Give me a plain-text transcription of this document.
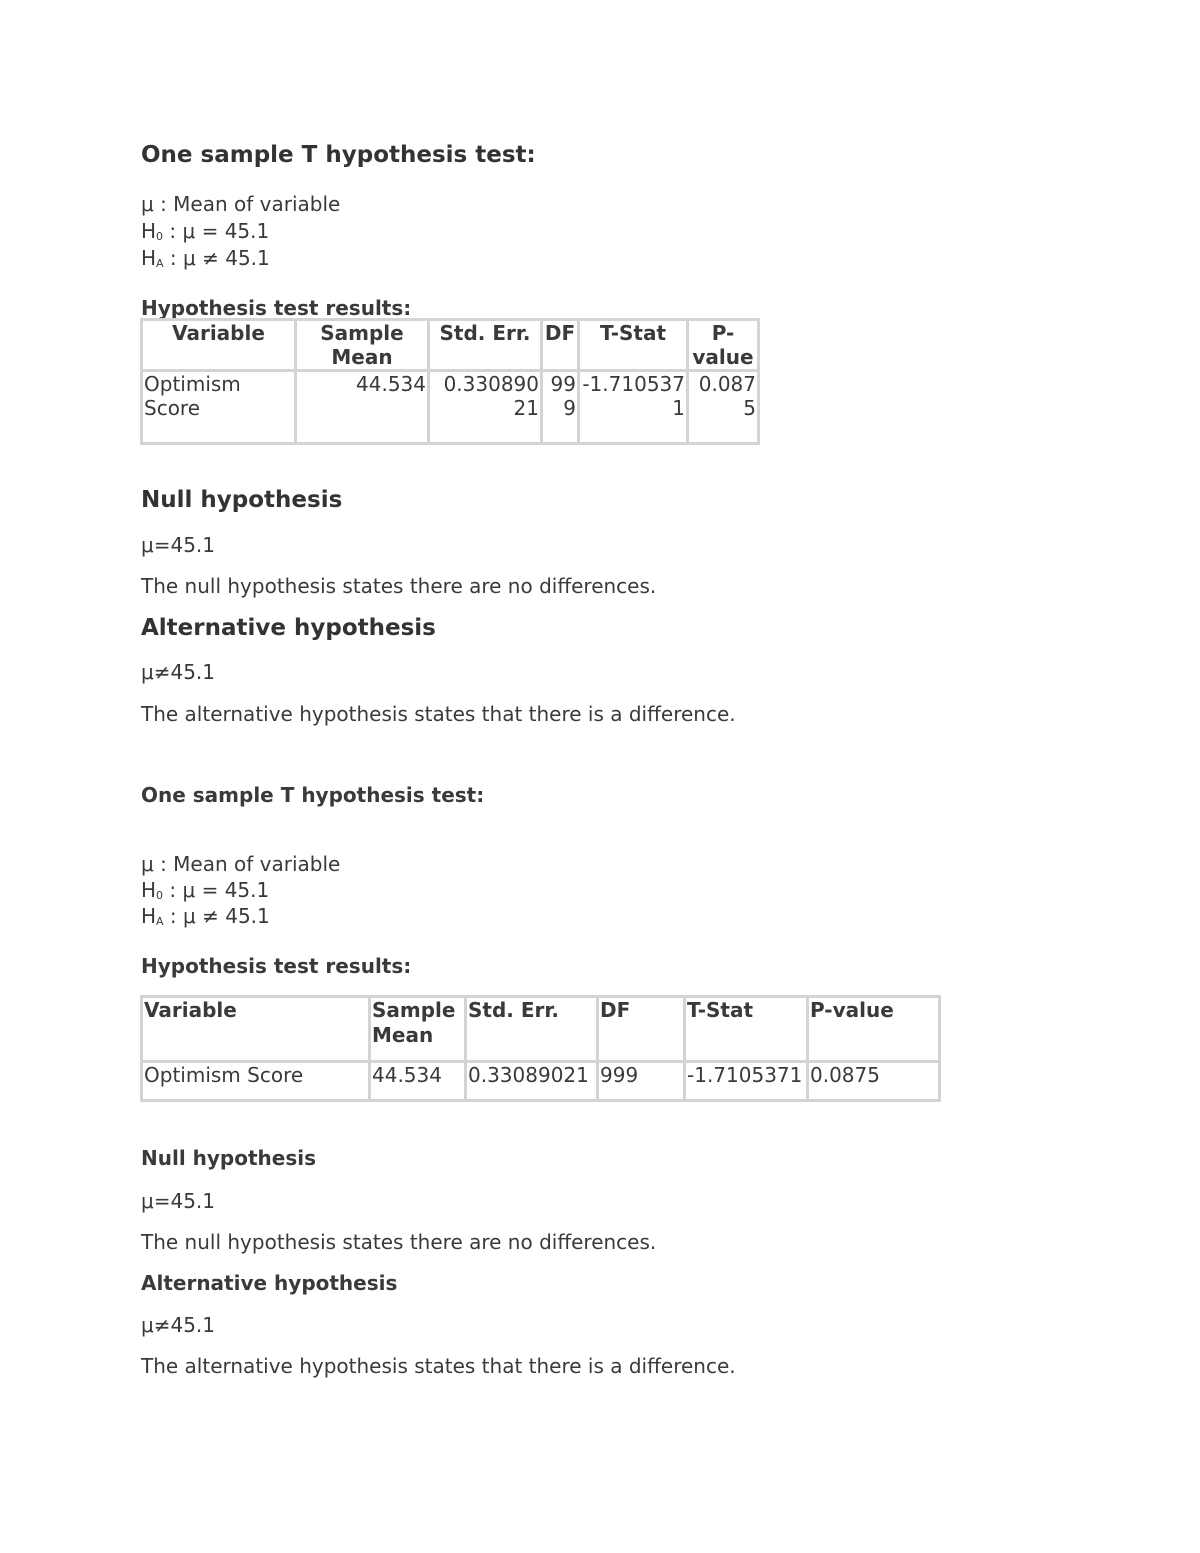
One sample T hypothesis test:
μ : Mean of variable
$H_0$ : μ = 45.1
$H_A$ : μ ≠ 45.1
Hypothesis test results:
Variable	Sample Mean	Std. Err.	DF	T-Stat	P-value
Optimism Score	44.534	0.33089021	999	-1.7105371	0.0875
Null hypothesis
μ=45.1
The null hypothesis states there are no differences.
Alternative hypothesis
μ≠45.1
The alternative hypothesis states that there is a difference.
One sample T hypothesis test:
μ : Mean of variable
$H_0$ : μ = 45.1
$H_A$ : μ ≠ 45.1
Hypothesis test results:
Variable	Sample Mean	Std. Err.	DF	T-Stat	P-value
Optimism Score	44.534	0.33089021	999	-1.7105371	0.0875
Null hypothesis
μ=45.1
The null hypothesis states there are no differences.
Alternative hypothesis
μ≠45.1
The alternative hypothesis states that there is a difference.
